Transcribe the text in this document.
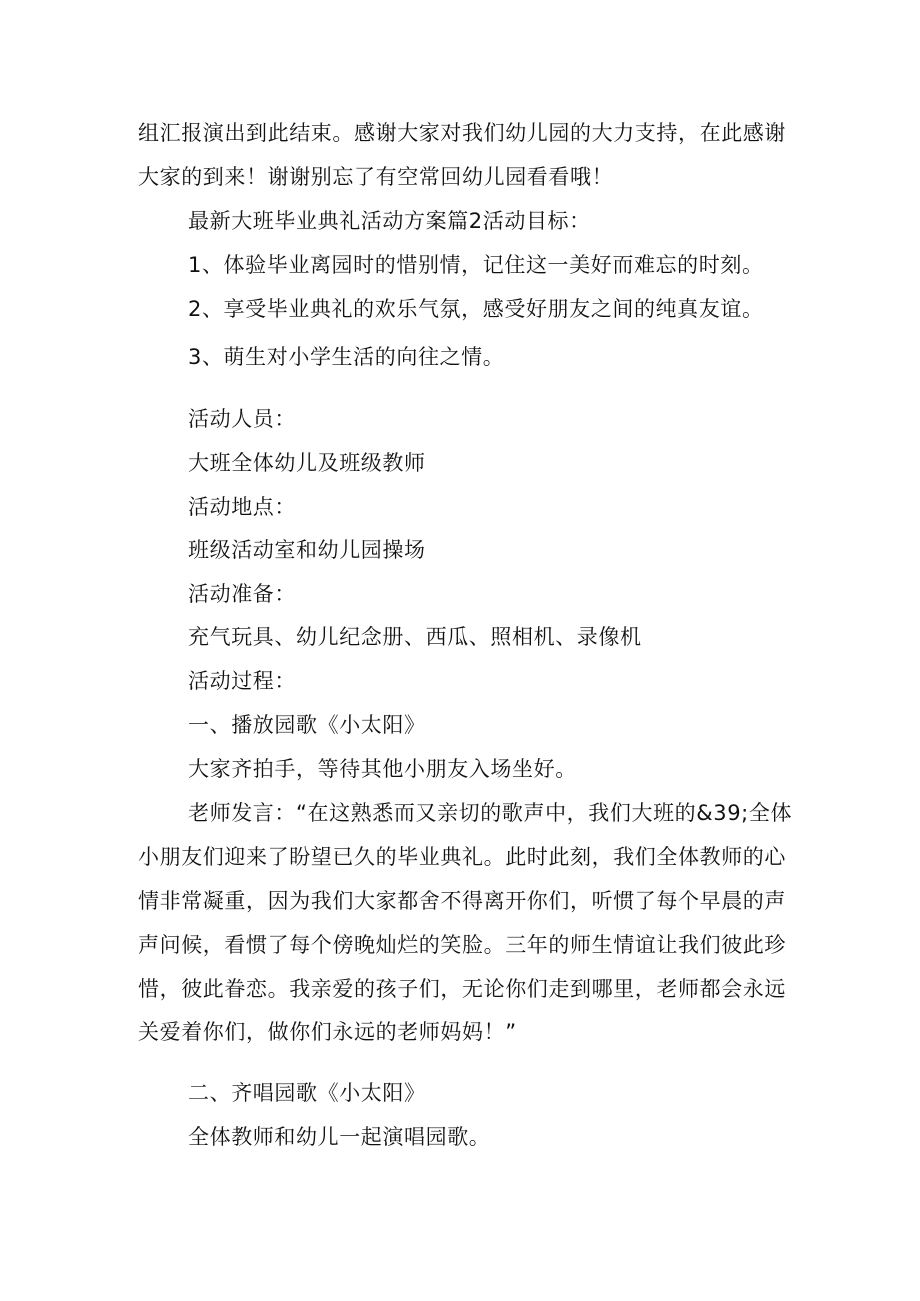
组汇报演出到此结束。感谢大家对我们幼儿园的大力支持，在此感谢
大家的到来！谢谢别忘了有空常回幼儿园看看哦！
最新大班毕业典礼活动方案篇2活动目标：
1、体验毕业离园时的惜别情，记住这一美好而难忘的时刻。
2、享受毕业典礼的欢乐气氛，感受好朋友之间的纯真友谊。
3、萌生对小学生活的向往之情。
活动人员：
大班全体幼儿及班级教师
活动地点：
班级活动室和幼儿园操场
活动准备：
充气玩具、幼儿纪念册、西瓜、照相机、录像机
活动过程：
一、播放园歌《小太阳》
大家齐拍手，等待其他小朋友入场坐好。
老师发言：“在这熟悉而又亲切的歌声中，我们大班的&39;全体
小朋友们迎来了盼望已久的毕业典礼。此时此刻，我们全体教师的心
情非常凝重，因为我们大家都舍不得离开你们，听惯了每个早晨的声
声问候，看惯了每个傍晚灿烂的笑脸。三年的师生情谊让我们彼此珍
惜，彼此眷恋。我亲爱的孩子们，无论你们走到哪里，老师都会永远
关爱着你们，做你们永远的老师妈妈！”
二、齐唱园歌《小太阳》
全体教师和幼儿一起演唱园歌。
